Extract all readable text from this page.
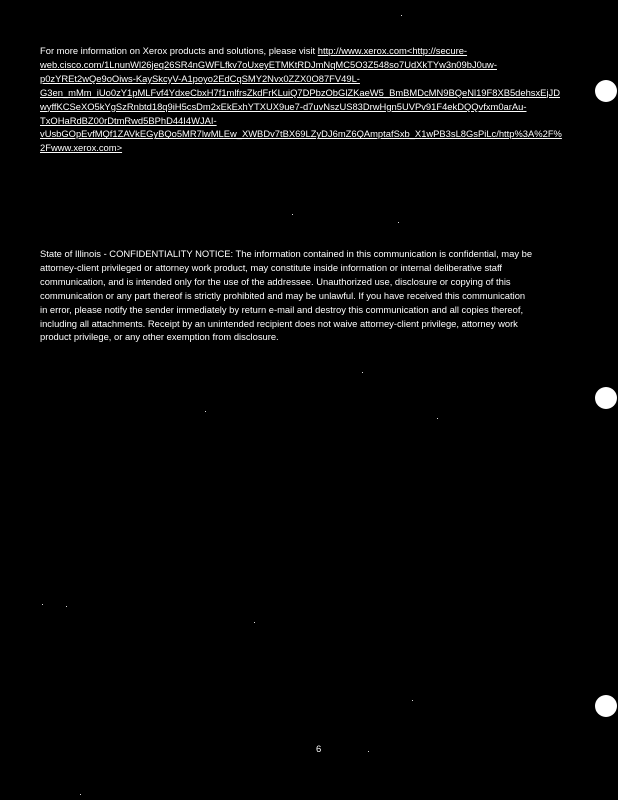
For more information on Xerox products and solutions, please visit http://www.xerox.com<http://secure-
web.cisco.com/1LnunWl26jeq26SR4nGWFLfkv7oUxeyETMKtRDJmNqMC5O3Z548so7UdXkTYw3n09bJ0uw-
p0zYREt2wQe9oOiws-KaySkcyV-A1poyo2EdCqSMY2Nvx0ZZX0O87FV49L-
G3en_mMm_iUo0zY1pMLFvf4YdxeCbxH7f1mlfrsZkdFrKLuiQ7DPbzObGlZKaeW5_BmBMDcMN9BQeNl19F8XB5dehsxEjJD
wyffKCSeXO5kYgSzRnbtd18q9iH5csDm2xEkExhYTXUX9ue7-d7uvNszUS83DrwHgn5UVPv91F4ekDQQvfxm0arAu-
TxOHaRdBZ00rDtmRwd5BPhD44I4WJAI-
vUsbGOpEvfMQf1ZAVkEGyBQo5MR7lwMLEw_XWBDv7tBX69LZyDJ6mZ6QAmptafSxb_X1wPB3sL8GsPiLc/http%3A%2F%
2Fwww.xerox.com>
State of Illinois - CONFIDENTIALITY NOTICE: The information contained in this communication is confidential, may be
attorney-client privileged or attorney work product, may constitute inside information or internal deliberative staff
communication, and is intended only for the use of the addressee. Unauthorized use, disclosure or copying of this
communication or any part thereof is strictly prohibited and may be unlawful. If you have received this communication
in error, please notify the sender immediately by return e-mail and destroy this communication and all copies thereof,
including all attachments. Receipt by an unintended recipient does not waive attorney-client privilege, attorney work
product privilege, or any other exemption from disclosure.
6
